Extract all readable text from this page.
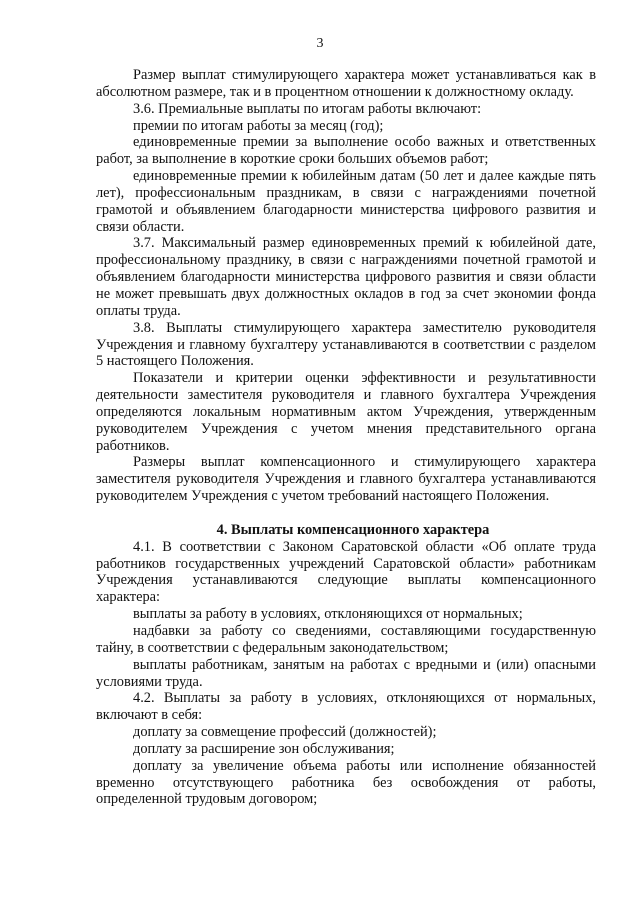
3

Размер выплат стимулирующего характера может устанавливаться как в абсолютном размере, так и в процентном отношении к должностному окладу.

3.6. Премиальные выплаты по итогам работы включают:

премии по итогам работы за месяц (год);

единовременные премии за выполнение особо важных и ответственных работ, за выполнение в короткие сроки больших объемов работ;

единовременные премии к юбилейным датам (50 лет и далее каждые пять лет), профессиональным праздникам, в связи с награждениями почетной грамотой и объявлением благодарности министерства цифрового развития и связи области.

3.7. Максимальный размер единовременных премий к юбилейной дате, профессиональному празднику, в связи с награждениями почетной грамотой и объявлением благодарности министерства цифрового развития и связи области не может превышать двух должностных окладов в год за счет экономии фонда оплаты труда.

3.8. Выплаты стимулирующего характера заместителю руководителя Учреждения и главному бухгалтеру устанавливаются в соответствии с разделом 5 настоящего Положения.

Показатели и критерии оценки эффективности и результативности деятельности заместителя руководителя и главного бухгалтера Учреждения определяются локальным нормативным актом Учреждения, утвержденным руководителем Учреждения с учетом мнения представительного органа работников.

Размеры выплат компенсационного и стимулирующего характера заместителя руководителя Учреждения и главного бухгалтера устанавливаются руководителем Учреждения с учетом требований настоящего Положения.

4. Выплаты компенсационного характера

4.1. В соответствии с Законом Саратовской области «Об оплате труда работников государственных учреждений Саратовской области» работникам Учреждения устанавливаются следующие выплаты компенсационного характера:

выплаты за работу в условиях, отклоняющихся от нормальных;

надбавки за работу со сведениями, составляющими государственную тайну, в соответствии с федеральным законодательством;

выплаты работникам, занятым на работах с вредными и (или) опасными условиями труда.

4.2. Выплаты за работу в условиях, отклоняющихся от нормальных, включают в себя:

доплату за совмещение профессий (должностей);

доплату за расширение зон обслуживания;

доплату за увеличение объема работы или исполнение обязанностей временно отсутствующего работника без освобождения от работы, определенной трудовым договором;
